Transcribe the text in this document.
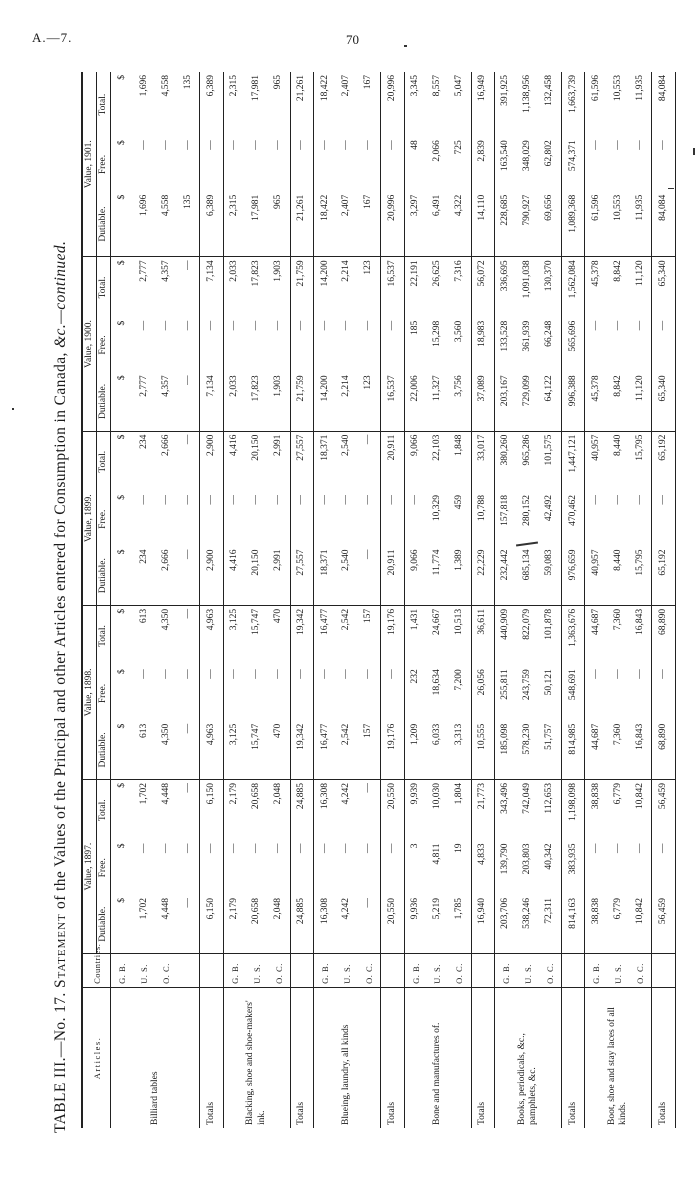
A.—7.	70
TABLE III.—No. 17. Statement of the Values of the Principal and other Articles entered for Consumption in Canada, &c.—continued.
Articles.	Countries.	Value, 1897.			Value, 1898.			Value, 1899.			Value, 1900.			Value, 1901.		
		Dutiable.	Free.	Total.	Dutiable.	Free.	Total.	Dutiable.	Free.	Total.	Dutiable.	Free.	Total.	Dutiable.	Free.	Total.
Billiard tables	G. B.	$	$	$	$	$	$	$	$	$	$	$	$	$	$	$
	U. S.	1,702	—	1,702	613	—	613	234	—	234	2,777	—	2,777	1,696	—	1,696
	O. C.	4,448	—	4,448	4,350	—	4,350	2,666	—	2,666	4,357	—	4,357	4,558	—	4,558
		—	—	—	—	—	—	—	—	—	—	—	—	135	—	135
Totals		6,150	—	6,150	4,963	—	4,963	2,900	—	2,900	7,134	—	7,134	6,389	—	6,389
Blacking, shoe and shoe-makers' ink.	G. B.	2,179	—	2,179	3,125	—	3,125	4,416	—	4,416	2,033	—	2,033	2,315	—	2,315
	U. S.	20,658	—	20,658	15,747	—	15,747	20,150	—	20,150	17,823	—	17,823	17,981	—	17,981
	O. C.	2,048	—	2,048	470	—	470	2,991	—	2,991	1,903	—	1,903	965	—	965
Totals		24,885	—	24,885	19,342	—	19,342	27,557	—	27,557	21,759	—	21,759	21,261	—	21,261
Blueing, laundry, all kinds	G. B.	16,308	—	16,308	16,477	—	16,477	18,371	—	18,371	14,200	—	14,200	18,422	—	18,422
	U. S.	4,242	—	4,242	2,542	—	2,542	2,540	—	2,540	2,214	—	2,214	2,407	—	2,407
	O. C.	—	—	—	157	—	157	—	—	—	123	—	123	167	—	167
Totals		20,550	—	20,550	19,176	—	19,176	20,911	—	20,911	16,537	—	16,537	20,996	—	20,996
Bone and manufactures of.	G. B.	9,936	3	9,939	1,209	232	1,431	9,066	—	9,066	22,006	185	22,191	3,297	48	3,345
	U. S.	5,219	4,811	10,030	6,033	18,634	24,667	11,774	10,329	22,103	11,327	15,298	26,625	6,491	2,066	8,557
	O. C.	1,785	19	1,804	3,313	7,200	10,513	1,389	459	1,848	3,756	3,560	7,316	4,322	725	5,047
Totals		16,940	4,833	21,773	10,555	26,056	36,611	22,229	10,788	33,017	37,089	18,983	56,072	14,110	2,839	16,949
Books, periodicals, &c., pamphlets, &c.	G. B.	203,706	139,790	343,496	185,098	255,811	440,909	232,442	157,818	380,260	203,167	133,528	336,695	228,685	163,540	391,925
	U. S.	538,246	203,803	742,049	578,230	243,759	822,079	685,134	280,152	965,286	729,099	361,939	1,091,038	790,927	348,029	1,138,956
	O. C.	72,311	40,342	112,653	51,757	50,121	101,878	59,083	42,492	101,575	64,122	66,248	130,370	69,656	62,802	132,458
Totals		814,163	383,935	1,198,098	814,985	548,691	1,363,676	976,659	470,462	1,447,121	996,388	565,696	1,562,084	1,089,368	574,371	1,663,739
Boot, shoe and stay laces of all kinds.	G. B.	38,838	—	38,838	44,687	—	44,687	40,957	—	40,957	45,378	—	45,378	61,596	—	61,596
	U. S.	6,779	—	6,779	7,360	—	7,360	8,440	—	8,440	8,842	—	8,842	10,553	—	10,553
	O. C.	10,842	—	10,842	16,843	—	16,843	15,795	—	15,795	11,120	—	11,120	11,935	—	11,935
Totals		56,459	—	56,459	68,890	—	68,890	65,192	—	65,192	65,340	—	65,340	84,084	—	84,084
